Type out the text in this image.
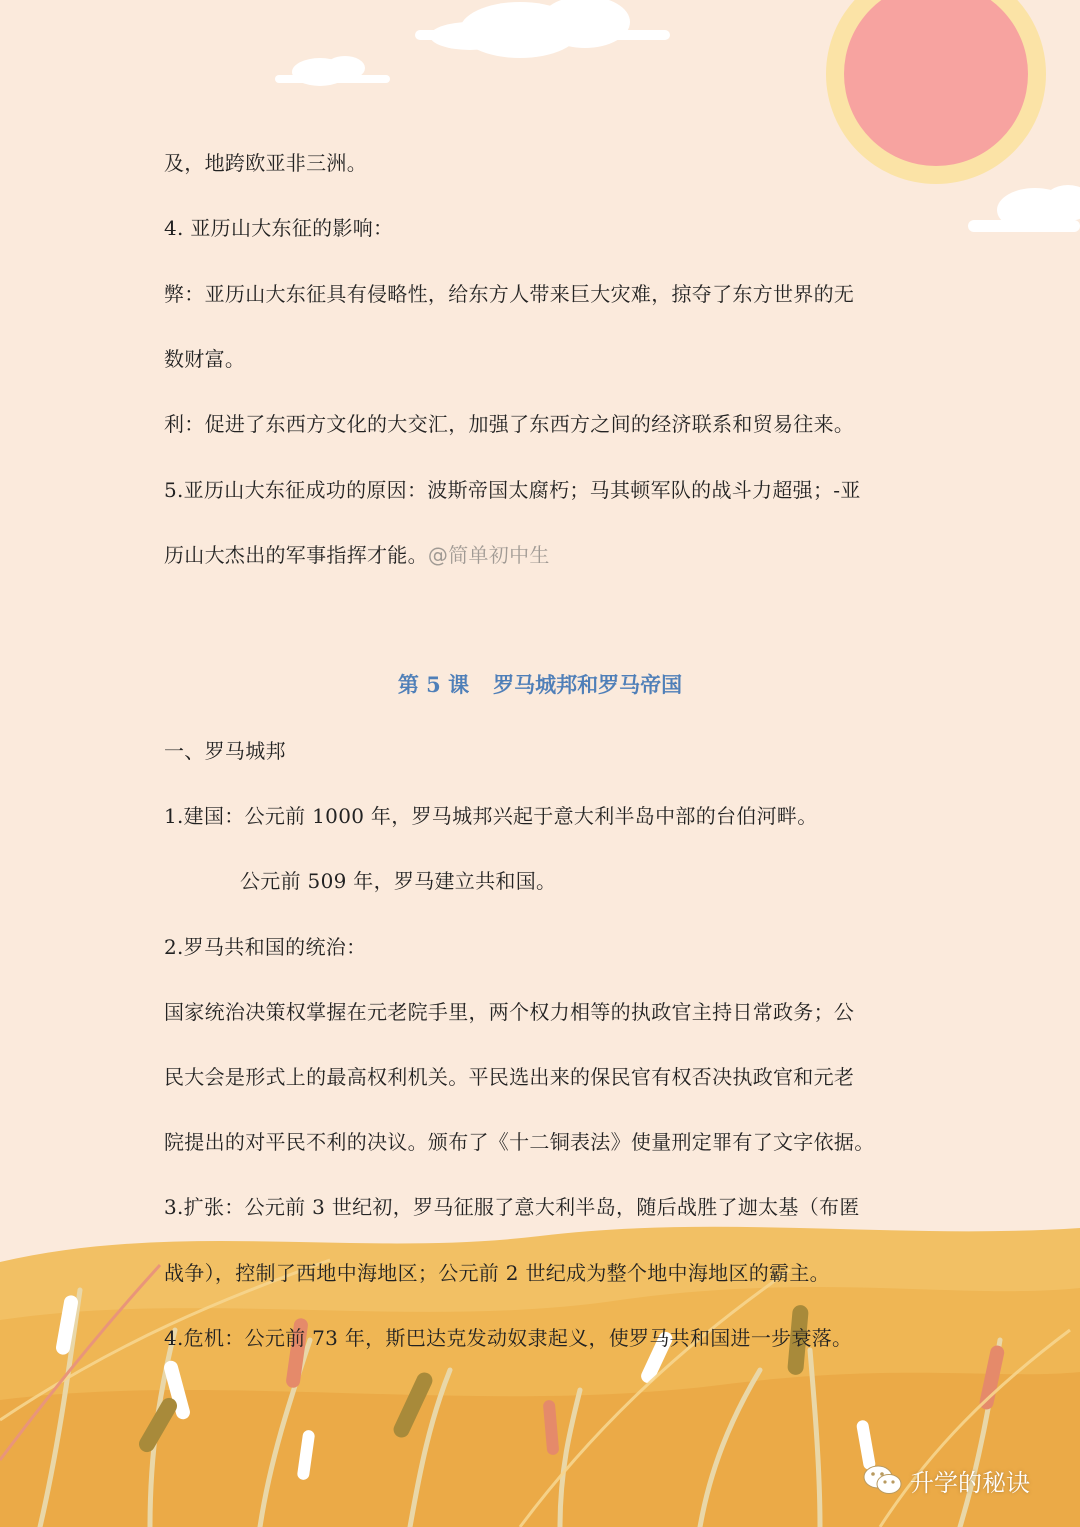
及，地跨欧亚非三洲。
4. 亚历山大东征的影响：
弊：亚历山大东征具有侵略性，给东方人带来巨大灾难，掠夺了东方世界的无
数财富。
利：促进了东西方文化的大交汇，加强了东西方之间的经济联系和贸易往来。
5.亚历山大东征成功的原因：波斯帝国太腐朽；马其顿军队的战斗力超强；-亚
历山大杰出的军事指挥才能。@简单初中生
第 5 课 罗马城邦和罗马帝国
一、罗马城邦
1.建国：公元前 1000 年，罗马城邦兴起于意大利半岛中部的台伯河畔。
公元前 509 年，罗马建立共和国。
2.罗马共和国的统治：
国家统治决策权掌握在元老院手里，两个权力相等的执政官主持日常政务；公
民大会是形式上的最高权利机关。平民选出来的保民官有权否决执政官和元老
院提出的对平民不利的决议。颁布了《十二铜表法》使量刑定罪有了文字依据。
3.扩张：公元前 3 世纪初，罗马征服了意大利半岛，随后战胜了迦太基（布匿
战争），控制了西地中海地区；公元前 2 世纪成为整个地中海地区的霸主。
4.危机：公元前 73 年，斯巴达克发动奴隶起义，使罗马共和国进一步衰落。
升学的秘诀
